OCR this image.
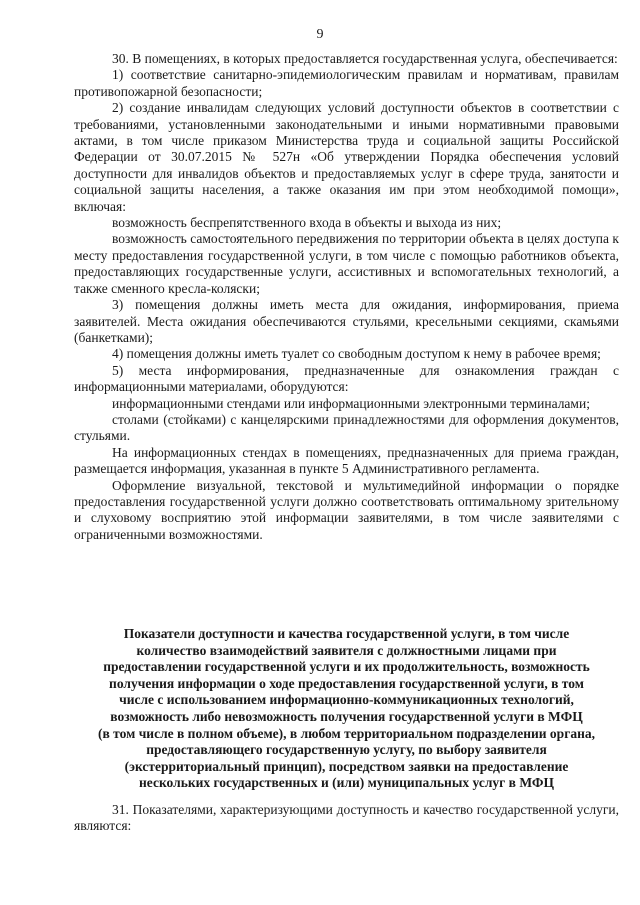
9

30. В помещениях, в которых предоставляется государственная услуга, обеспечивается:

1) соответствие санитарно-эпидемиологическим правилам и нормативам, правилам противопожарной безопасности;

2) создание инвалидам следующих условий доступности объектов в соответствии с требованиями, установленными законодательными и иными нормативными правовыми актами, в том числе приказом Министерства труда и социальной защиты Российской Федерации от 30.07.2015 № 527н «Об утверждении Порядка обеспечения условий доступности для инвалидов объектов и предоставляемых услуг в сфере труда, занятости и социальной защиты населения, а также оказания им при этом необходимой помощи», включая:

возможность беспрепятственного входа в объекты и выхода из них;

возможность самостоятельного передвижения по территории объекта в целях доступа к месту предоставления государственной услуги, в том числе с помощью работников объекта, предоставляющих государственные услуги, ассистивных и вспомогательных технологий, а также сменного кресла-коляски;

3) помещения должны иметь места для ожидания, информирования, приема заявителей. Места ожидания обеспечиваются стульями, кресельными секциями, скамьями (банкетками);

4) помещения должны иметь туалет со свободным доступом к нему в рабочее время;

5) места информирования, предназначенные для ознакомления граждан с информационными материалами, оборудуются:

информационными стендами или информационными электронными терминалами;

столами (стойками) с канцелярскими принадлежностями для оформления документов, стульями.

На информационных стендах в помещениях, предназначенных для приема граждан, размещается информация, указанная в пункте 5 Административного регламента.

Оформление визуальной, текстовой и мультимедийной информации о порядке предоставления государственной услуги должно соответствовать оптимальному зрительному и слуховому восприятию этой информации заявителями, в том числе заявителями с ограниченными возможностями.

Показатели доступности и качества государственной услуги, в том числе
количество взаимодействий заявителя с должностными лицами при
предоставлении государственной услуги и их продолжительность, возможность
получения информации о ходе предоставления государственной услуги, в том
числе с использованием информационно-коммуникационных технологий,
возможность либо невозможность получения государственной услуги в МФЦ
(в том числе в полном объеме), в любом территориальном подразделении органа,
предоставляющего государственную услугу, по выбору заявителя
(экстерриториальный принцип), посредством заявки на предоставление
нескольких государственных и (или) муниципальных услуг в МФЦ

31. Показателями, характеризующими доступность и качество государственной услуги, являются:
